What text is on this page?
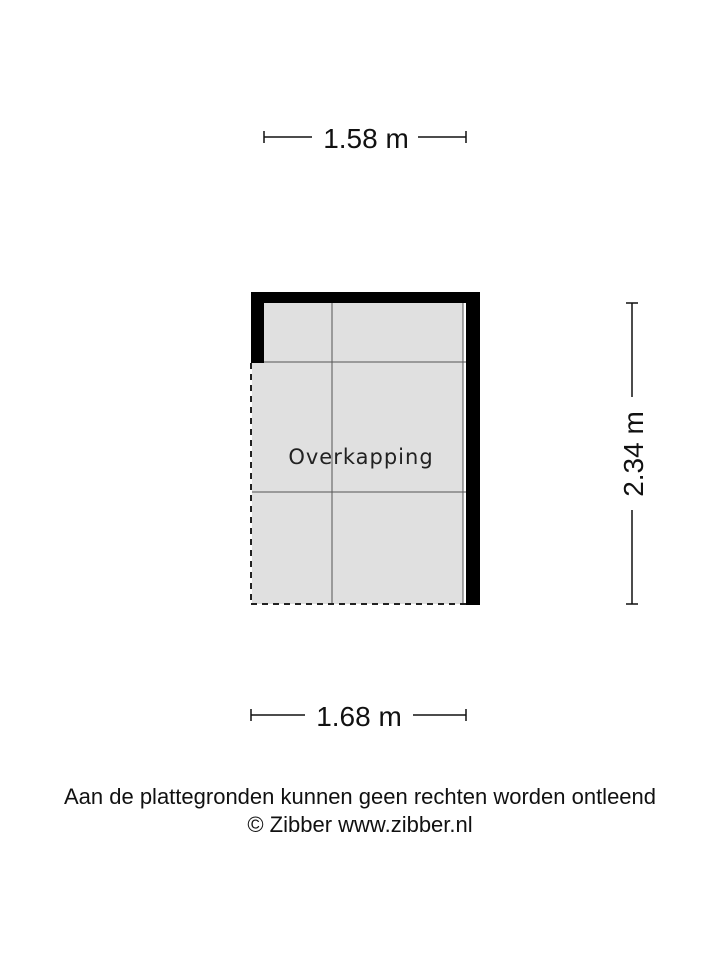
1.58 m
Overkapping	2.34 m
1.68 m
Aan de plattegronden kunnen geen rechten worden ontleend
© Zibber www.zibber.nl
